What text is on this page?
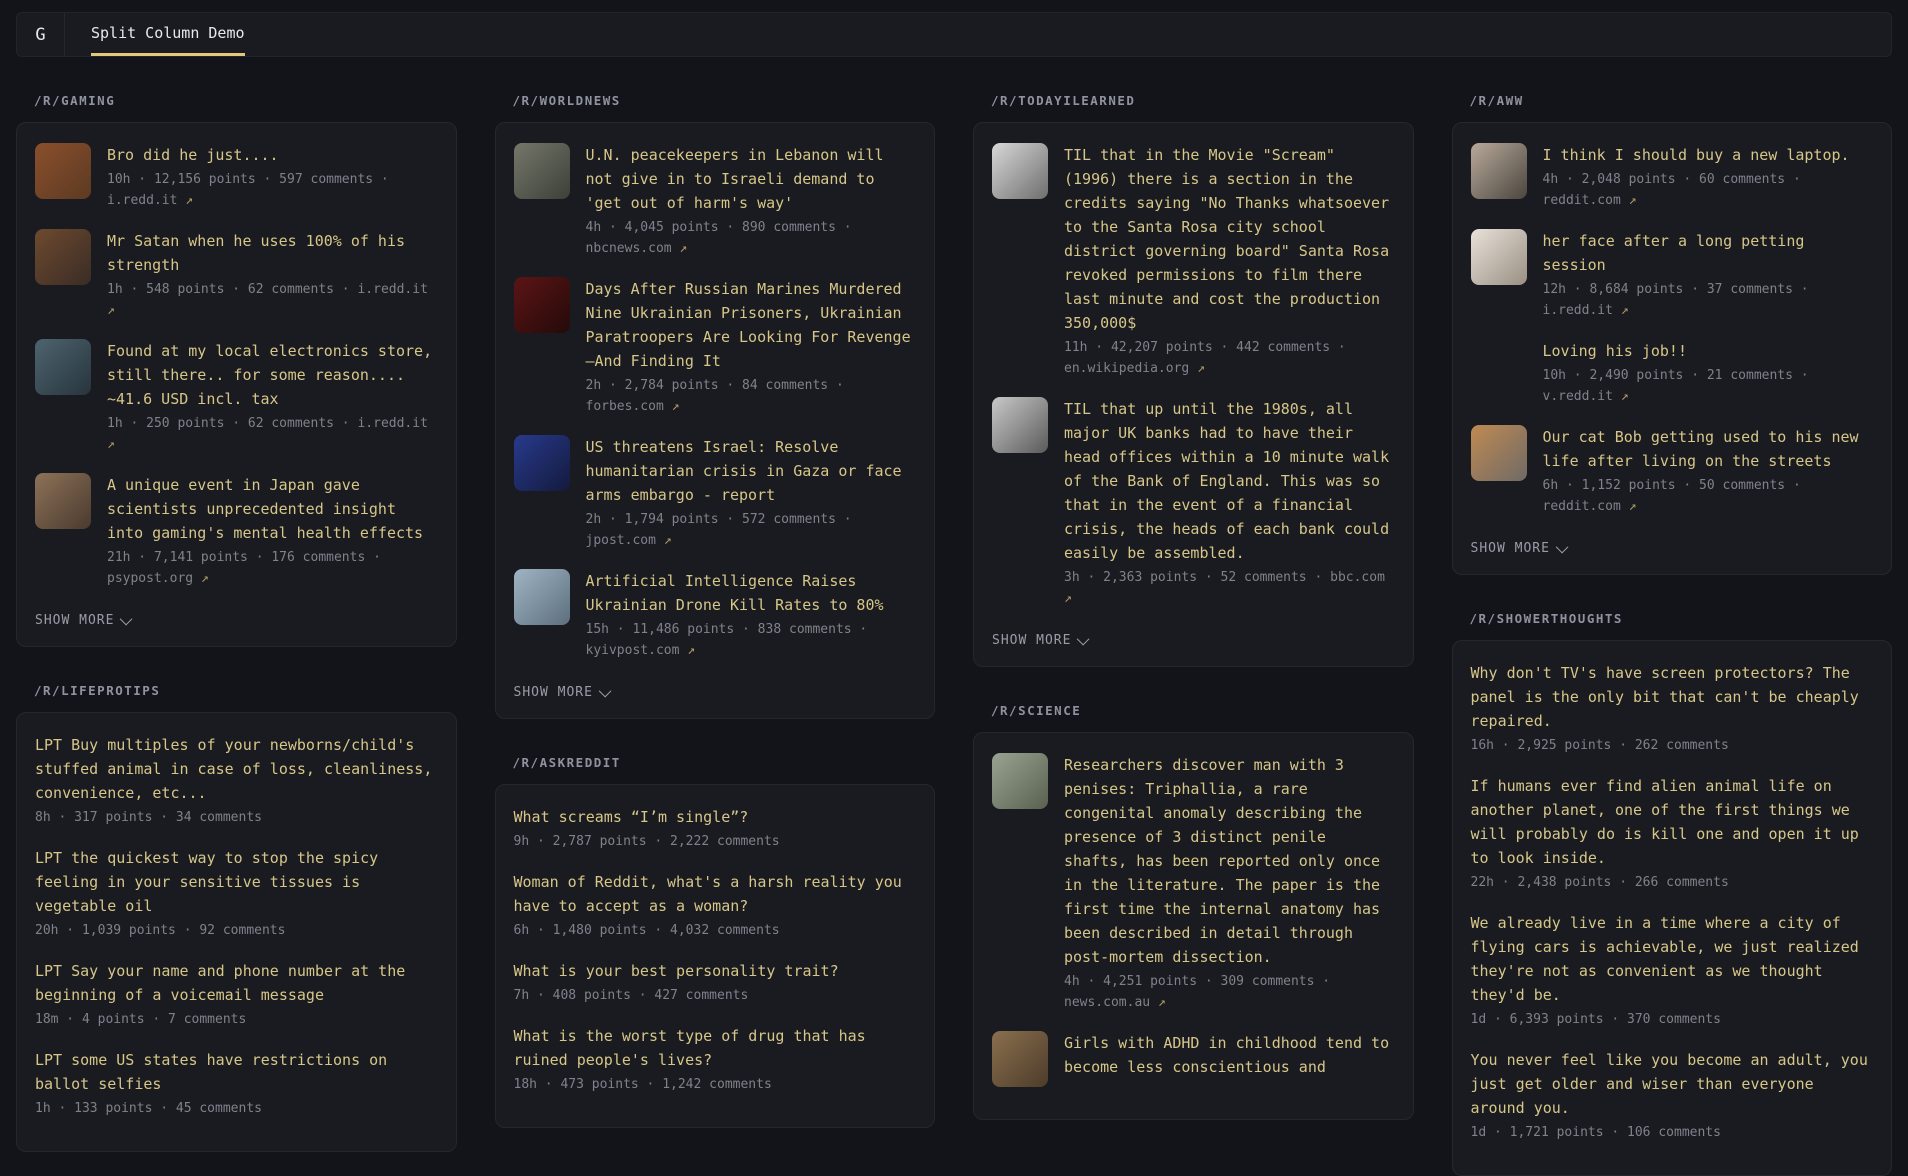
G	Split Column Demo
/R/GAMING
Bro did he just....
10h · 12,156 points · 597 comments · i.redd.it ↗
Mr Satan when he uses 100% of his strength
1h · 548 points · 62 comments · i.redd.it ↗
Found at my local electronics store, still there.. for some reason.... ~41.6 USD incl. tax
1h · 250 points · 62 comments · i.redd.it ↗
A unique event in Japan gave scientists unprecedented insight into gaming's mental health effects
21h · 7,141 points · 176 comments · psypost.org ↗
SHOW MORE
/R/LIFEPROTIPS
LPT Buy multiples of your newborns/child's stuffed animal in case of loss, cleanliness, convenience, etc...
8h · 317 points · 34 comments
LPT the quickest way to stop the spicy feeling in your sensitive tissues is vegetable oil
20h · 1,039 points · 92 comments
LPT Say your name and phone number at the beginning of a voicemail message
18m · 4 points · 7 comments
LPT some US states have restrictions on ballot selfies
1h · 133 points · 45 comments
/R/WORLDNEWS
U.N. peacekeepers in Lebanon will not give in to Israeli demand to 'get out of harm's way'
4h · 4,045 points · 890 comments · nbcnews.com ↗
Days After Russian Marines Murdered Nine Ukrainian Prisoners, Ukrainian Paratroopers Are Looking For Revenge—And Finding It
2h · 2,784 points · 84 comments · forbes.com ↗
US threatens Israel: Resolve humanitarian crisis in Gaza or face arms embargo - report
2h · 1,794 points · 572 comments · jpost.com ↗
Artificial Intelligence Raises Ukrainian Drone Kill Rates to 80%
15h · 11,486 points · 838 comments · kyivpost.com ↗
SHOW MORE
/R/ASKREDDIT
What screams “I’m single”?
9h · 2,787 points · 2,222 comments
Woman of Reddit, what's a harsh reality you have to accept as a woman?
6h · 1,480 points · 4,032 comments
What is your best personality trait?
7h · 408 points · 427 comments
What is the worst type of drug that has ruined people's lives?
18h · 473 points · 1,242 comments
/R/TODAYILEARNED
TIL that in the Movie "Scream" (1996) there is a section in the credits saying "No Thanks whatsoever to the Santa Rosa city school district governing board" Santa Rosa revoked permissions to film there last minute and cost the production 350,000$
11h · 42,207 points · 442 comments · en.wikipedia.org ↗
TIL that up until the 1980s, all major UK banks had to have their head offices within a 10 minute walk of the Bank of England. This was so that in the event of a financial crisis, the heads of each bank could easily be assembled.
3h · 2,363 points · 52 comments · bbc.com ↗
SHOW MORE
/R/SCIENCE
Researchers discover man with 3 penises: Triphallia, a rare congenital anomaly describing the presence of 3 distinct penile shafts, has been reported only once in the literature. The paper is the first time the internal anatomy has been described in detail through post-mortem dissection.
4h · 4,251 points · 309 comments · news.com.au ↗
Girls with ADHD in childhood tend to become less conscientious and
/R/AWW
I think I should buy a new laptop.
4h · 2,048 points · 60 comments · reddit.com ↗
her face after a long petting session
12h · 8,684 points · 37 comments · i.redd.it ↗
Loving his job!!
10h · 2,490 points · 21 comments · v.redd.it ↗
Our cat Bob getting used to his new life after living on the streets
6h · 1,152 points · 50 comments · reddit.com ↗
SHOW MORE
/R/SHOWERTHOUGHTS
Why don't TV's have screen protectors? The panel is the only bit that can't be cheaply repaired.
16h · 2,925 points · 262 comments
If humans ever find alien animal life on another planet, one of the first things we will probably do is kill one and open it up to look inside.
22h · 2,438 points · 266 comments
We already live in a time where a city of flying cars is achievable, we just realized they're not as convenient as we thought they'd be.
1d · 6,393 points · 370 comments
You never feel like you become an adult, you just get older and wiser than everyone around you.
1d · 1,721 points · 106 comments
